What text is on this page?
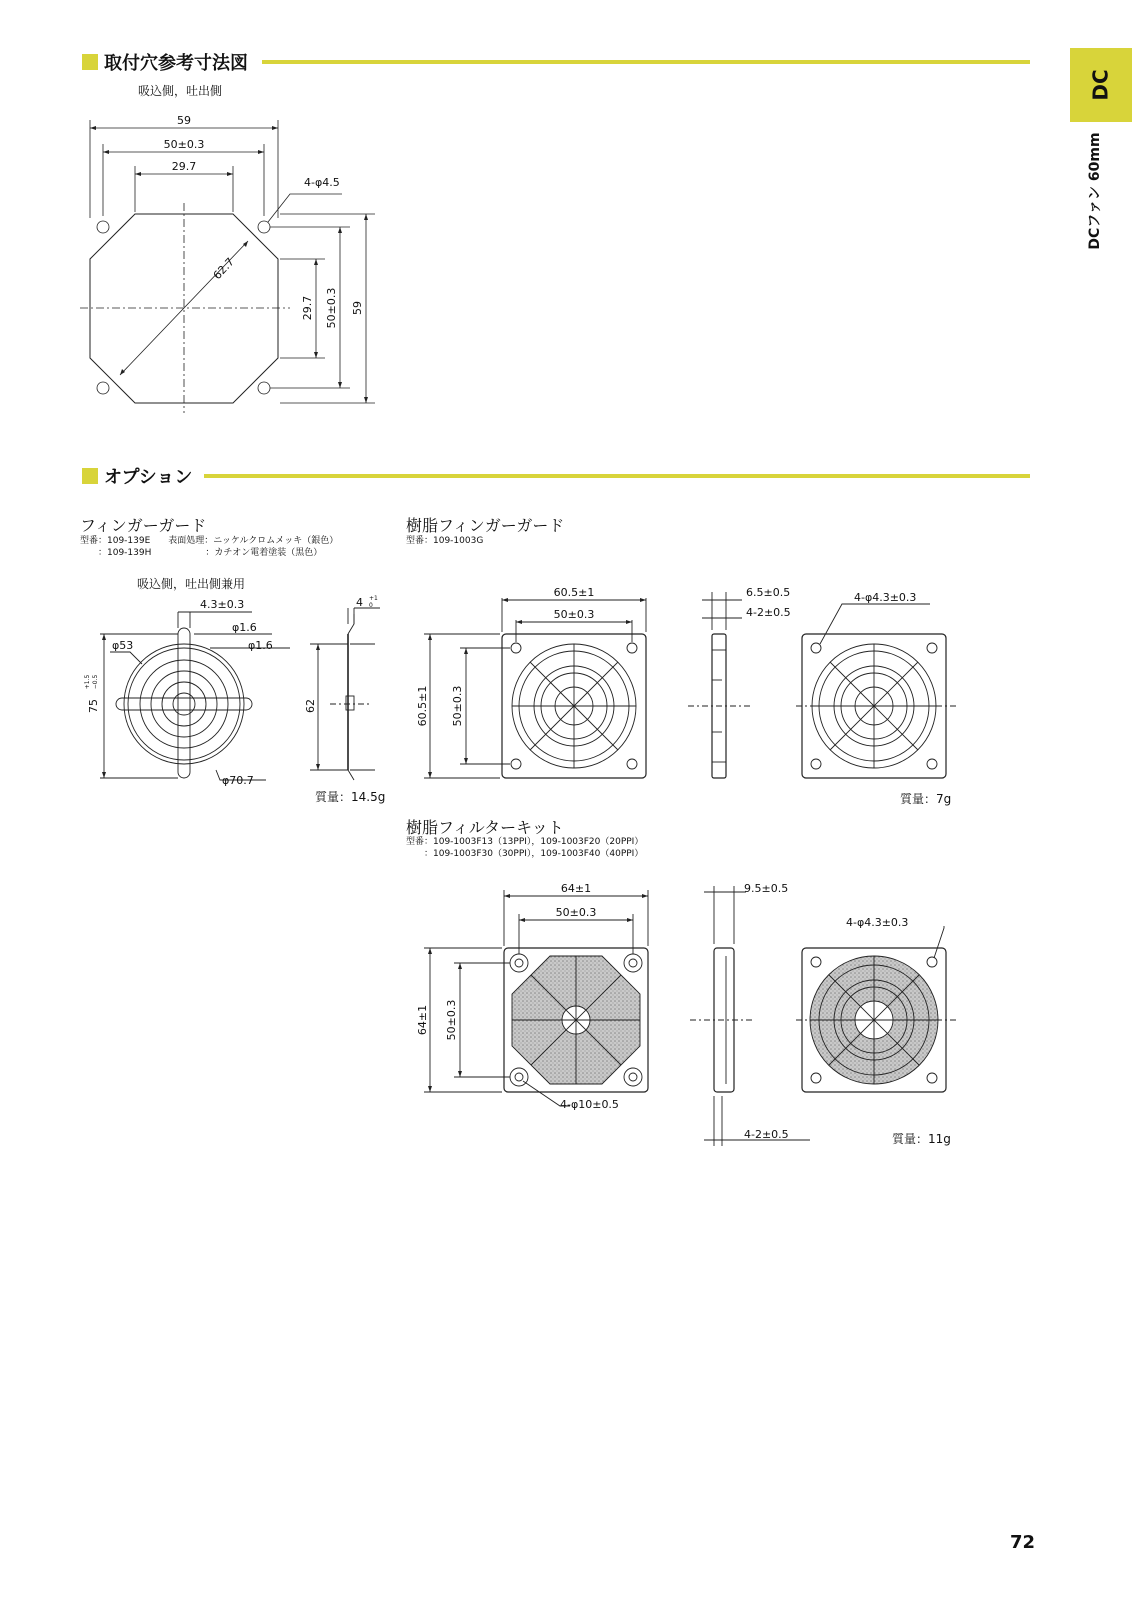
DC
DCファン 60mm
取付穴参考寸法図
吸込側，吐出側
59
50±0.3
29.7
4-φ4.5
62.7
29.7 50±0.3 59
オプション
フィンガーガード
型番：109-139E　　表面処理：ニッケルクロムメッキ（銀色）
　　：109-139H　　　　　　：カチオン電着塗装（黒色）
吸込側，吐出側兼用
4.3±0.3
φ1.6
φ1.6
φ53
φ70.7
75
+1.5 −0.5
62
4 +1
0
質量：14.5g
樹脂フィンガーガード
型番：109-1003G
60.5±1
50±0.3
60.5±1 50±0.3
6.5±0.5
4-2±0.5
4-φ4.3±0.3
質量：7g
樹脂フィルターキット
型番：109-1003F13（13PPI），109-1003F20（20PPI）
　　：109-1003F30（30PPI），109-1003F40（40PPI）
64±1
50±0.3
64±1 50±0.3
9.5±0.5
4-φ4.3±0.3
4-φ10±0.5
4-2±0.5	質量：11g
72
